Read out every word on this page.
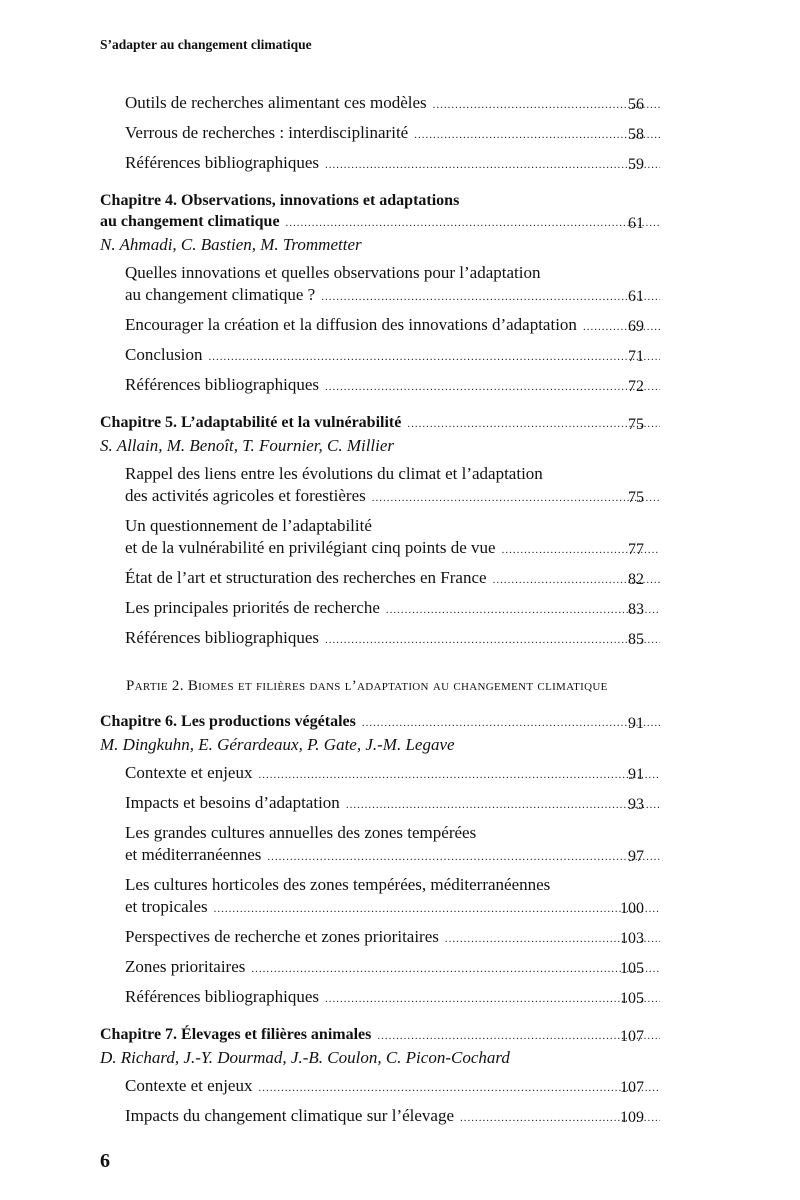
S’adapter au changement climatique
Outils de recherches alimentant ces modèles .....	56
Verrous de recherches : interdisciplinarité .....	58
Références bibliographiques .....	59
Chapitre 4. Observations, innovations et adaptations
au changement climatique .....	61
N. Ahmadi, C. Bastien, M. Trommetter
Quelles innovations et quelles observations pour l’adaptation
au changement climatique ? .....	61
Encourager la création et la diffusion des innovations d’adaptation .....	69
Conclusion .....	71
Références bibliographiques .....	72
Chapitre 5. L’adaptabilité et la vulnérabilité .....	75
S. Allain, M. Benoît, T. Fournier, C. Millier
Rappel des liens entre les évolutions du climat et l’adaptation
des activités agricoles et forestières .....	75
Un questionnement de l’adaptabilité
et de la vulnérabilité en privilégiant cinq points de vue .....	77
État de l’art et structuration des recherches en France .....	82
Les principales priorités de recherche .....	83
Références bibliographiques .....	85
Partie 2. Biomes et filières dans l’adaptation au changement climatique
Chapitre 6. Les productions végétales .....	91
M. Dingkuhn, E. Gérardeaux, P. Gate, J.-M. Legave
Contexte et enjeux .....	91
Impacts et besoins d’adaptation .....	93
Les grandes cultures annuelles des zones tempérées
et méditerranéennes .....	97
Les cultures horticoles des zones tempérées, méditerranéennes
et tropicales .....	100
Perspectives de recherche et zones prioritaires .....	103
Zones prioritaires .....	105
Références bibliographiques .....	105
Chapitre 7. Élevages et filières animales .....	107
D. Richard, J.-Y. Dourmad, J.-B. Coulon, C. Picon-Cochard
Contexte et enjeux .....	107
Impacts du changement climatique sur l’élevage .....	109
6
